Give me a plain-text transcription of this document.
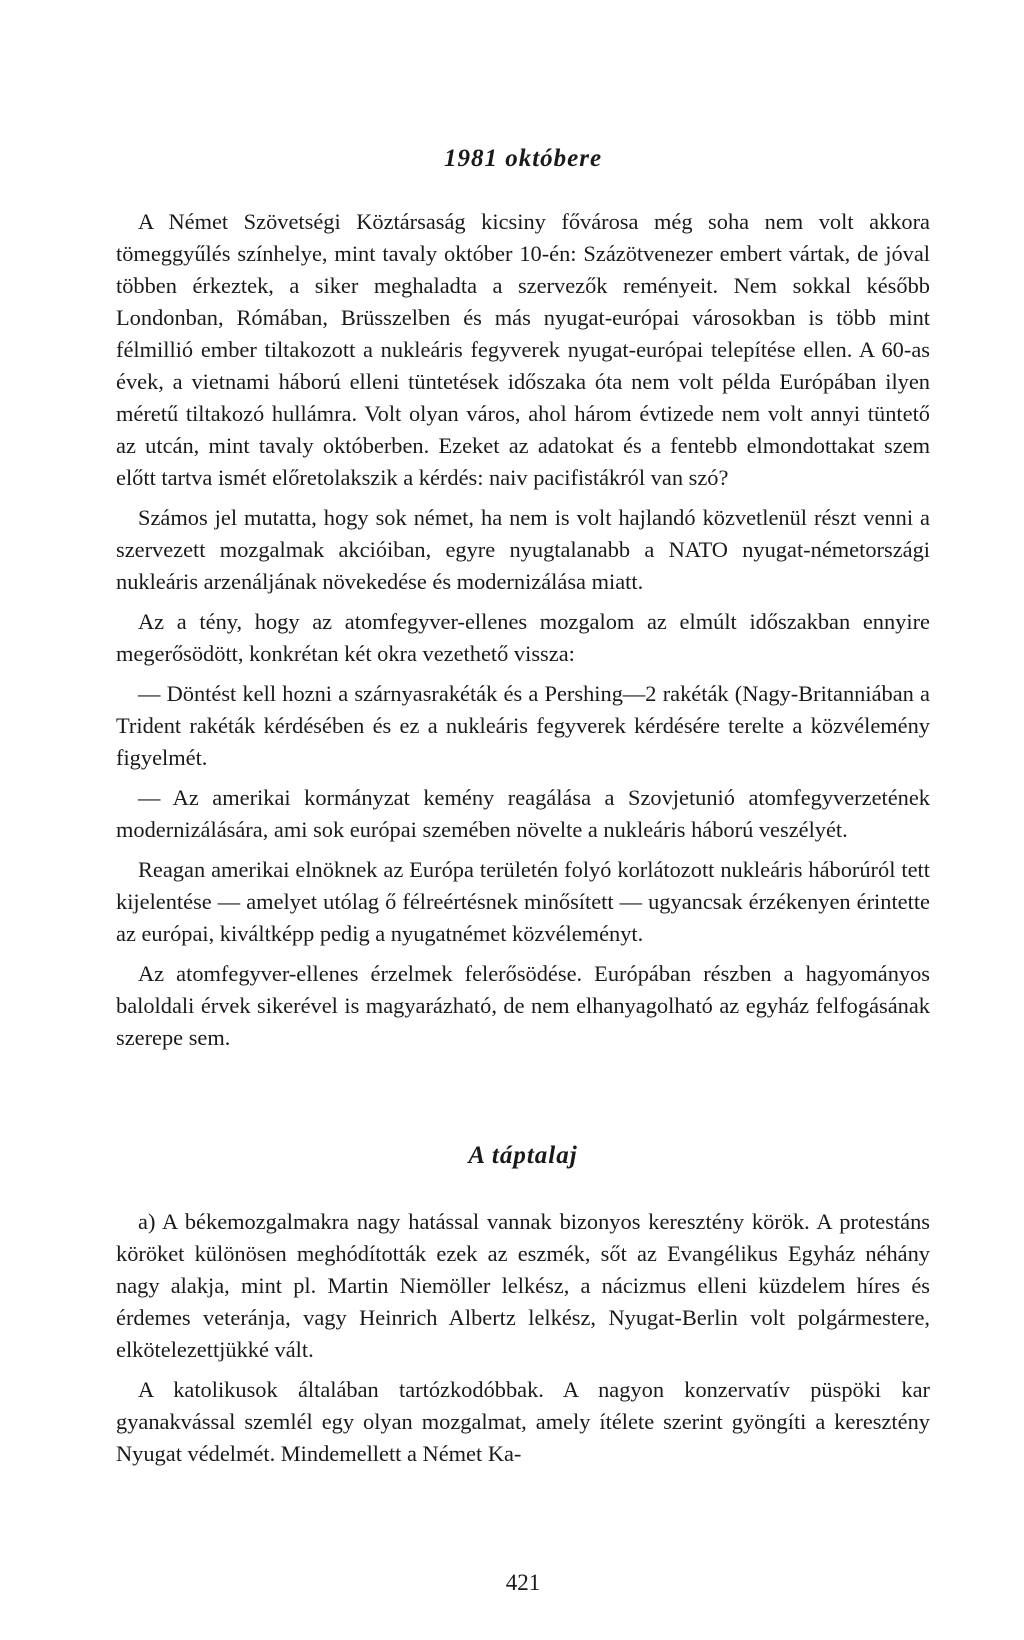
1981 októbere

A Német Szövetségi Köztársaság kicsiny fővárosa még soha nem volt akkora tömeggyűlés színhelye, mint tavaly október 10-én: Százötvenezer embert vártak, de jóval többen érkeztek, a siker meghaladta a szervezők reményeit. Nem sokkal később Londonban, Rómában, Brüsszelben és más nyugat-európai városokban is több mint félmillió ember tiltakozott a nukleáris fegyverek nyugat-európai telepítése ellen. A 60-as évek, a vietnami háború elleni tüntetések időszaka óta nem volt példa Európában ilyen méretű tiltakozó hullámra. Volt olyan város, ahol három évtizede nem volt annyi tüntető az utcán, mint tavaly októberben. Ezeket az adatokat és a fentebb elmondottakat szem előtt tartva ismét előretolakszik a kérdés: naiv pacifistákról van szó?

Számos jel mutatta, hogy sok német, ha nem is volt hajlandó közvetlenül részt venni a szervezett mozgalmak akcióiban, egyre nyugtalanabb a NATO nyugat-németországi nukleáris arzenáljának növekedése és modernizálása miatt.

Az a tény, hogy az atomfegyver-ellenes mozgalom az elmúlt időszakban ennyire megerősödött, konkrétan két okra vezethető vissza:

— Döntést kell hozni a szárnyasrakéták és a Pershing—2 rakéták (Nagy-Britanniában a Trident rakéták kérdésében és ez a nukleáris fegyverek kérdésére terelte a közvélemény figyelmét.

— Az amerikai kormányzat kemény reagálása a Szovjetunió atomfegyverzetének modernizálására, ami sok európai szemében növelte a nukleáris háború veszélyét.

Reagan amerikai elnöknek az Európa területén folyó korlátozott nukleáris háborúról tett kijelentése — amelyet utólag ő félreértésnek minősített — ugyancsak érzékenyen érintette az európai, kiváltképp pedig a nyugatnémet közvéleményt.

Az atomfegyver-ellenes érzelmek felerősödése. Európában részben a hagyományos baloldali érvek sikerével is magyarázható, de nem elhanyagolható az egyház felfogásának szerepe sem.

A táptalaj

a) A békemozgalmakra nagy hatással vannak bizonyos keresztény körök. A protestáns köröket különösen meghódították ezek az eszmék, sőt az Evangélikus Egyház néhány nagy alakja, mint pl. Martin Niemöller lelkész, a nácizmus elleni küzdelem híres és érdemes veteránja, vagy Heinrich Albertz lelkész, Nyugat-Berlin volt polgármestere, elkötelezettjükké vált.

A katolikusok általában tartózkodóbbak. A nagyon konzervatív püspöki kar gyanakvással szemlél egy olyan mozgalmat, amely ítélete szerint gyöngíti a keresztény Nyugat védelmét. Mindemellett a Német Ka-

421
